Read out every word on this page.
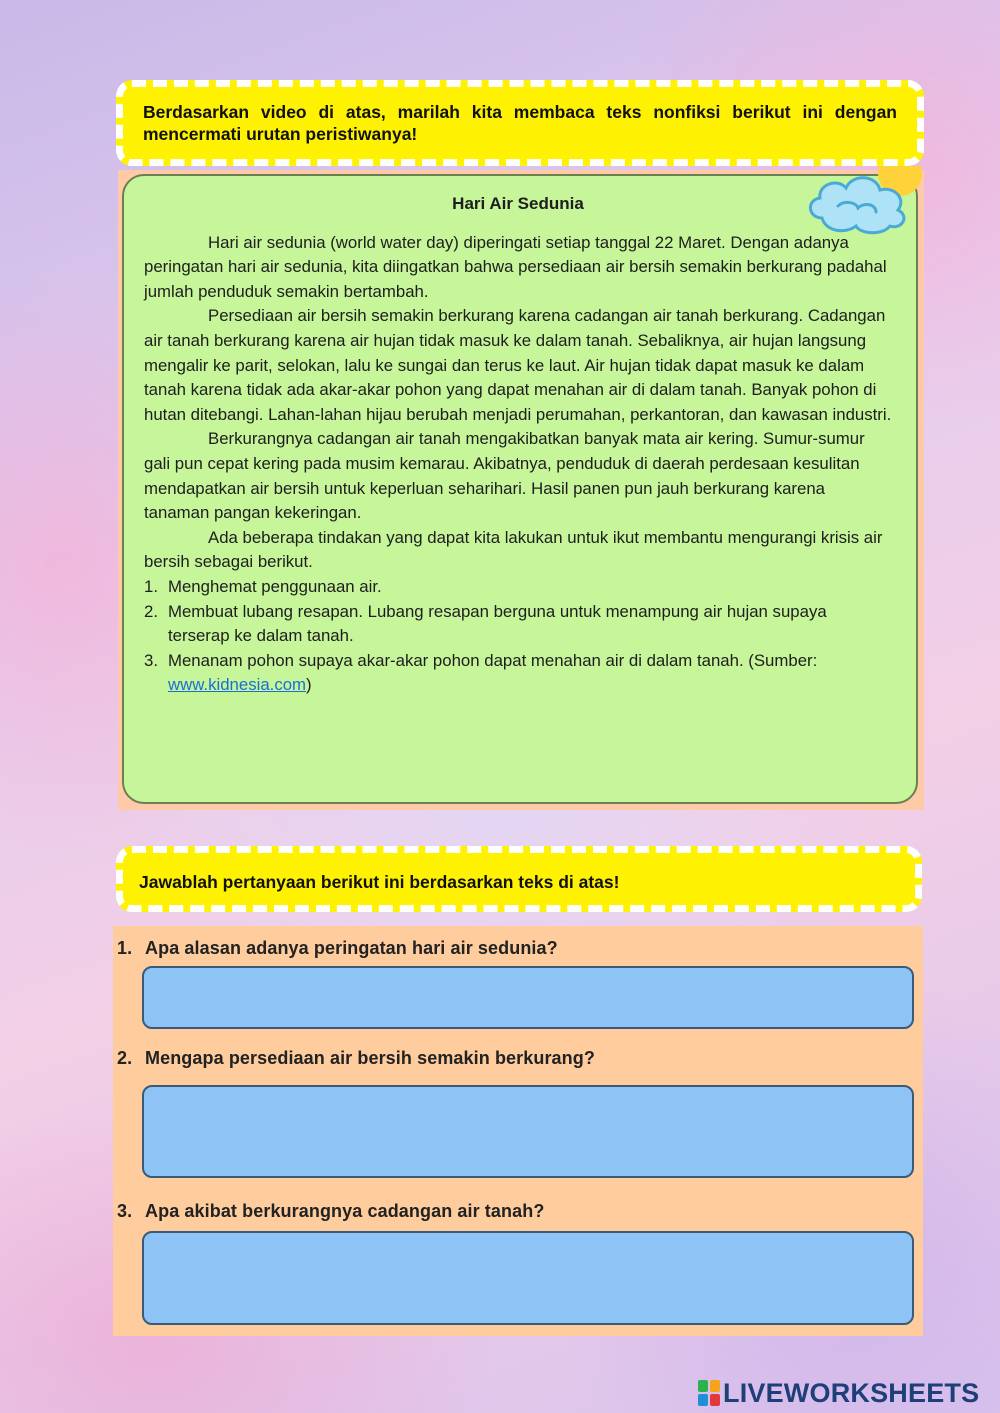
Berdasarkan video di atas, marilah kita membaca teks nonfiksi berikut ini dengan mencermati urutan peristiwanya!
Hari Air Sedunia

Hari air sedunia (world water day) diperingati setiap tanggal 22 Maret. Dengan adanya peringatan hari air sedunia, kita diingatkan bahwa persediaan air bersih semakin berkurang padahal jumlah penduduk semakin bertambah.

Persediaan air bersih semakin berkurang karena cadangan air tanah berkurang. Cadangan air tanah berkurang karena air hujan tidak masuk ke dalam tanah. Sebaliknya, air hujan langsung mengalir ke parit, selokan, lalu ke sungai dan terus ke laut. Air hujan tidak dapat masuk ke dalam tanah karena tidak ada akar-akar pohon yang dapat menahan air di dalam tanah. Banyak pohon di hutan ditebangi. Lahan-lahan hijau berubah menjadi perumahan, perkantoran, dan kawasan industri.

Berkurangnya cadangan air tanah mengakibatkan banyak mata air kering. Sumur-sumur gali pun cepat kering pada musim kemarau. Akibatnya, penduduk di daerah perdesaan kesulitan mendapatkan air bersih untuk keperluan seharihari. Hasil panen pun jauh berkurang karena tanaman pangan kekeringan.

Ada beberapa tindakan yang dapat kita lakukan untuk ikut membantu mengurangi krisis air bersih sebagai berikut.

1. Menghemat penggunaan air.
2. Membuat lubang resapan. Lubang resapan berguna untuk menampung air hujan supaya terserap ke dalam tanah.
3. Menanam pohon supaya akar-akar pohon dapat menahan air di dalam tanah. (Sumber: www.kidnesia.com)
Jawablah pertanyaan berikut ini berdasarkan teks di atas!

1. Apa alasan adanya peringatan hari air sedunia?

2. Mengapa persediaan air bersih semakin berkurang?

3. Apa akibat berkurangnya cadangan air tanah?

LIVEWORKSHEETS
